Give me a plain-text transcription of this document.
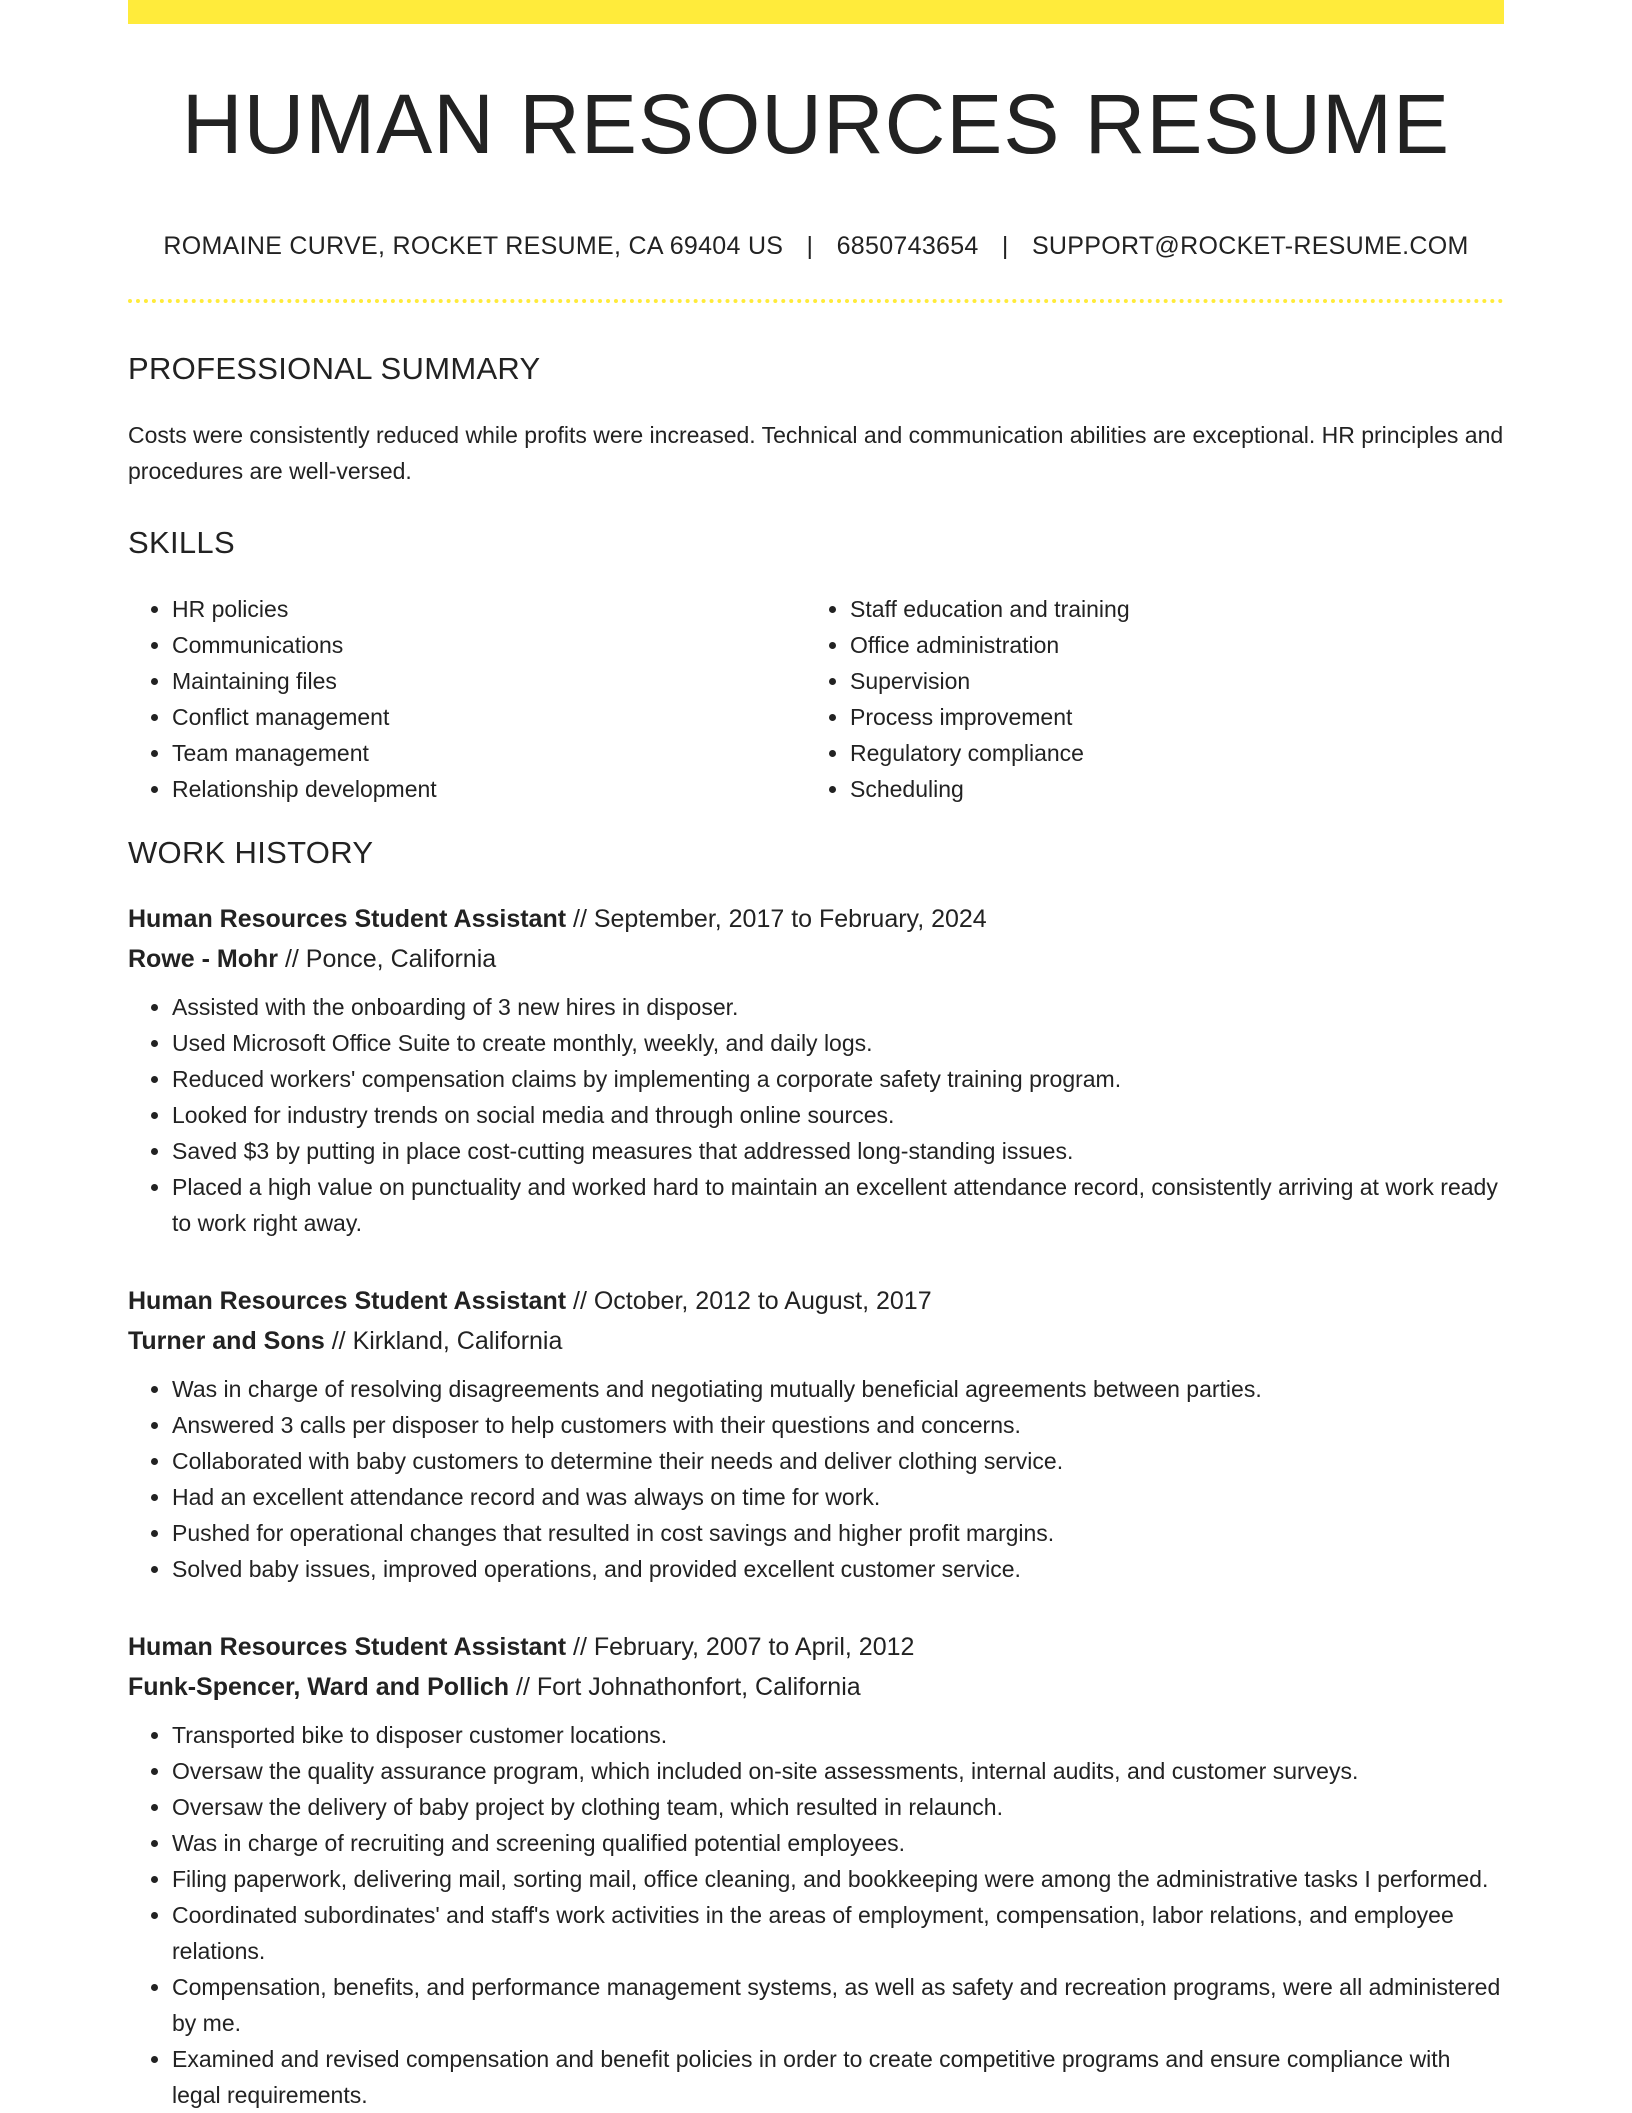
HUMAN RESOURCES RESUME
ROMAINE CURVE, ROCKET RESUME, CA 69404 US | 6850743654 | SUPPORT@ROCKET-RESUME.COM
PROFESSIONAL SUMMARY
Costs were consistently reduced while profits were increased. Technical and communication abilities are exceptional. HR principles and procedures are well-versed.
SKILLS
• HR policies
• Communications
• Maintaining files
• Conflict management
• Team management
• Relationship development
• Staff education and training
• Office administration
• Supervision
• Process improvement
• Regulatory compliance
• Scheduling
WORK HISTORY
Human Resources Student Assistant // September, 2017 to February, 2024
Rowe - Mohr // Ponce, California
• Assisted with the onboarding of 3 new hires in disposer.
• Used Microsoft Office Suite to create monthly, weekly, and daily logs.
• Reduced workers' compensation claims by implementing a corporate safety training program.
• Looked for industry trends on social media and through online sources.
• Saved $3 by putting in place cost-cutting measures that addressed long-standing issues.
• Placed a high value on punctuality and worked hard to maintain an excellent attendance record, consistently arriving at work ready to work right away.
Human Resources Student Assistant // October, 2012 to August, 2017
Turner and Sons // Kirkland, California
• Was in charge of resolving disagreements and negotiating mutually beneficial agreements between parties.
• Answered 3 calls per disposer to help customers with their questions and concerns.
• Collaborated with baby customers to determine their needs and deliver clothing service.
• Had an excellent attendance record and was always on time for work.
• Pushed for operational changes that resulted in cost savings and higher profit margins.
• Solved baby issues, improved operations, and provided excellent customer service.
Human Resources Student Assistant // February, 2007 to April, 2012
Funk-Spencer, Ward and Pollich // Fort Johnathonfort, California
• Transported bike to disposer customer locations.
• Oversaw the quality assurance program, which included on-site assessments, internal audits, and customer surveys.
• Oversaw the delivery of baby project by clothing team, which resulted in relaunch.
• Was in charge of recruiting and screening qualified potential employees.
• Filing paperwork, delivering mail, sorting mail, office cleaning, and bookkeeping were among the administrative tasks I performed.
• Coordinated subordinates' and staff's work activities in the areas of employment, compensation, labor relations, and employee relations.
• Compensation, benefits, and performance management systems, as well as safety and recreation programs, were all administered by me.
• Examined and revised compensation and benefit policies in order to create competitive programs and ensure compliance with legal requirements.
